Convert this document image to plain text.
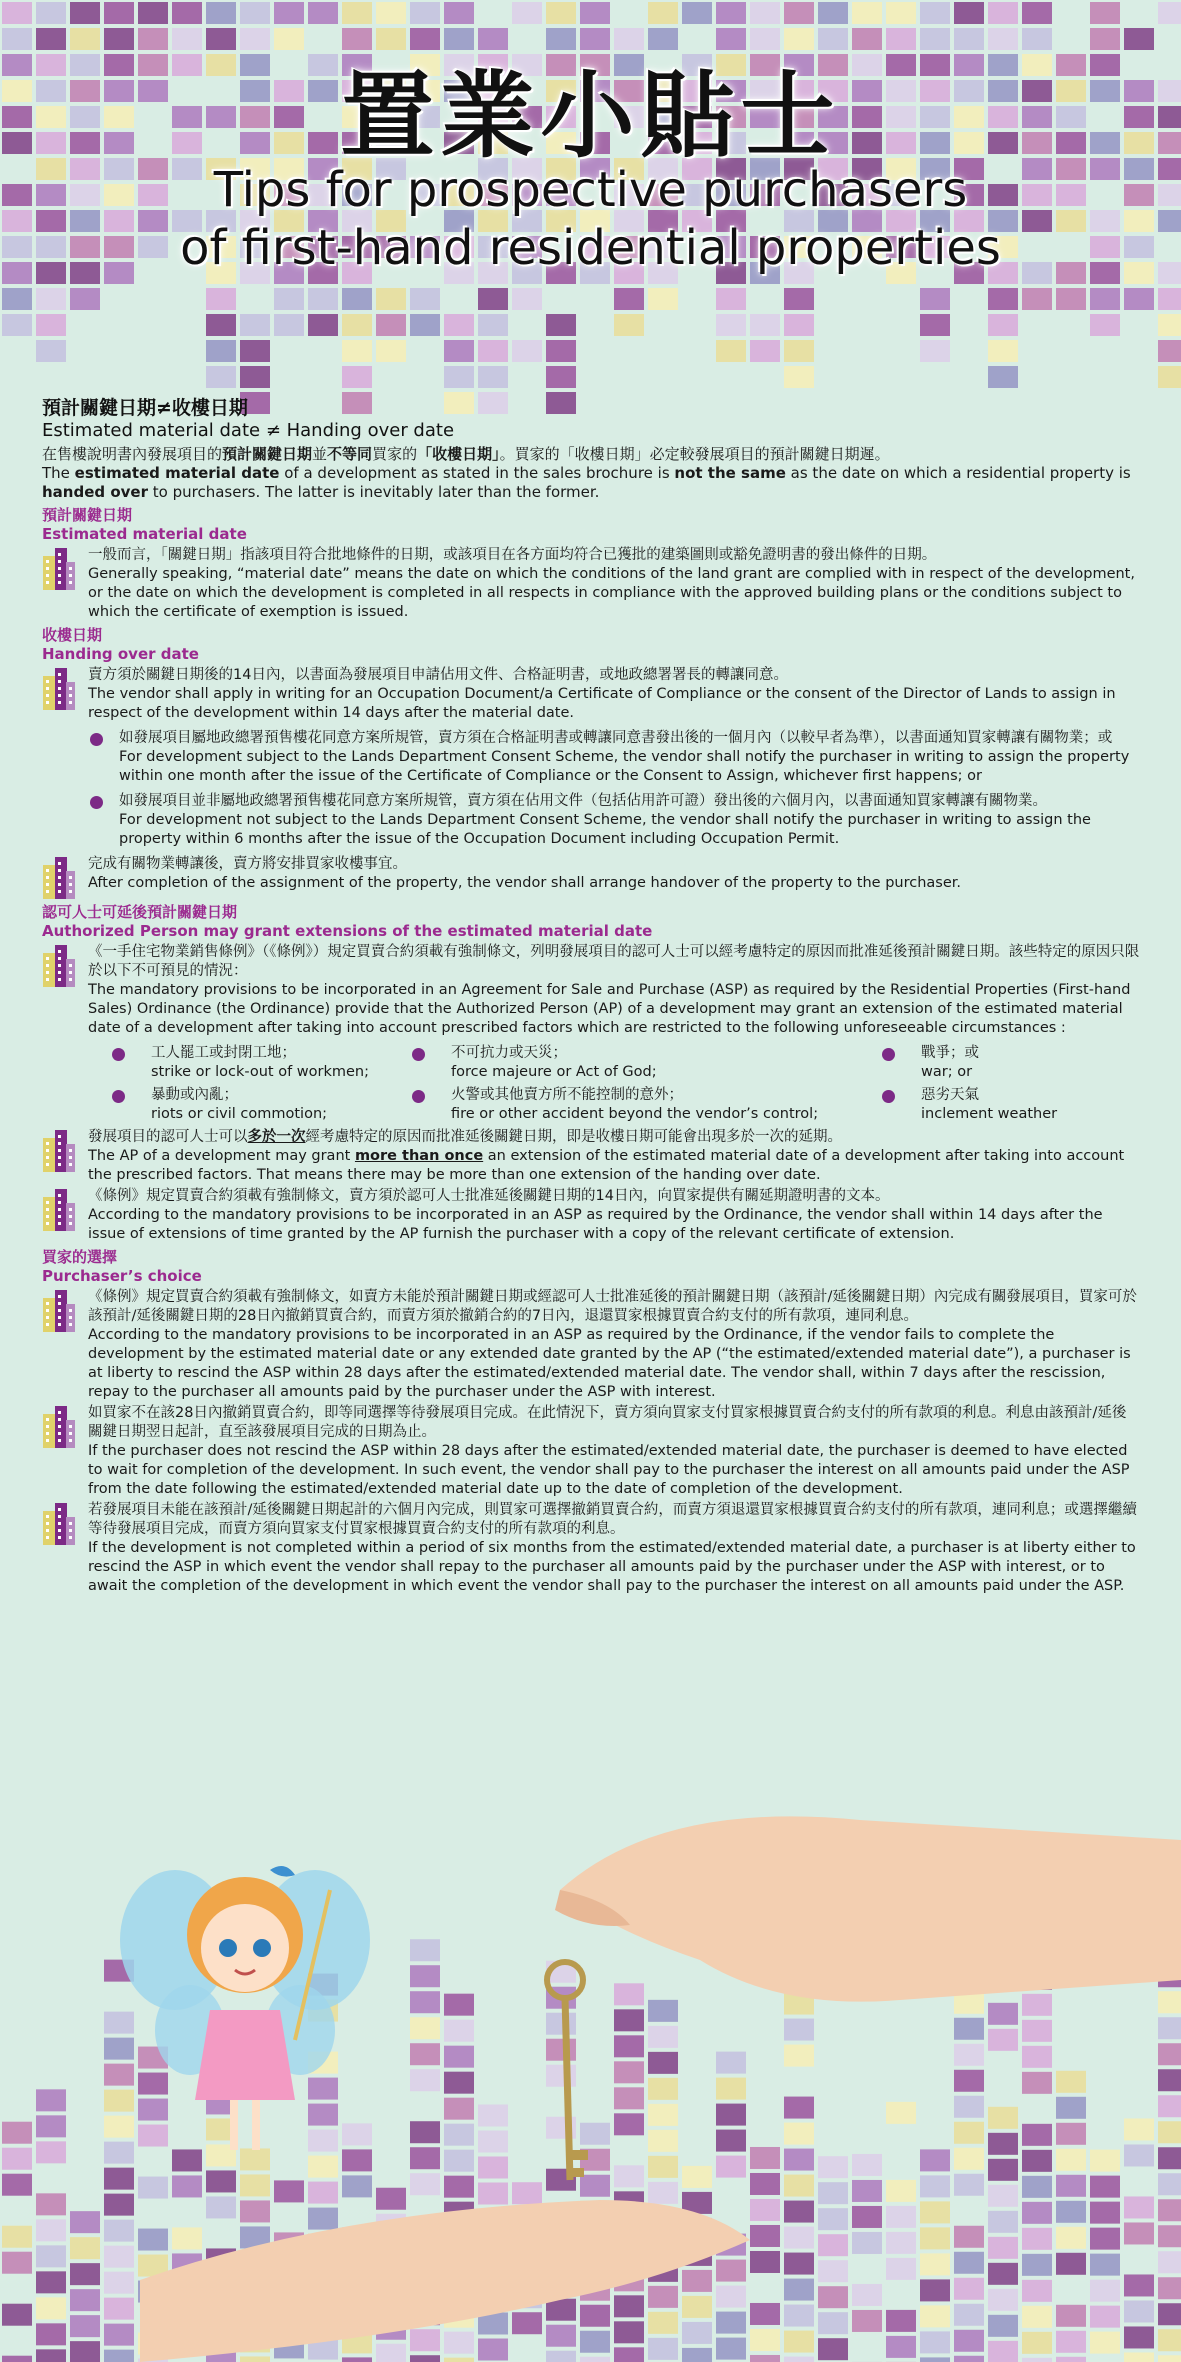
置業小貼士
Tips for prospective purchasers
of first-hand residential properties
預計關鍵日期≠收樓日期
Estimated material date ≠ Handing over date
在售樓說明書內發展項目的預計關鍵日期並不等同買家的「收樓日期」。買家的「收樓日期」必定較發展項目的預計關鍵日期遲。
The estimated material date of a development as stated in the sales brochure is not the same as the date on which a residential property is handed over to purchasers. The latter is inevitably later than the former.
預計關鍵日期
Estimated material date
一般而言，「關鍵日期」指該項目符合批地條件的日期，或該項目在各方面均符合已獲批的建築圖則或豁免證明書的發出條件的日期。
Generally speaking, “material date” means the date on which the conditions of the land grant are complied with in respect of the development, or the date on which the development is completed in all respects in compliance with the approved building plans or the conditions subject to which the certificate of exemption is issued.
收樓日期
Handing over date
賣方須於關鍵日期後的14日內，以書面為發展項目申請佔用文件、合格証明書，或地政總署署長的轉讓同意。
The vendor shall apply in writing for an Occupation Document/a Certificate of Compliance or the consent of the Director of Lands to assign in respect of the development within 14 days after the material date.
如發展項目屬地政總署預售樓花同意方案所規管，賣方須在合格証明書或轉讓同意書發出後的一個月內（以較早者為準），以書面通知買家轉讓有關物業；或
For development subject to the Lands Department Consent Scheme, the vendor shall notify the purchaser in writing to assign the property within one month after the issue of the Certificate of Compliance or the Consent to Assign, whichever first happens; or
如發展項目並非屬地政總署預售樓花同意方案所規管，賣方須在佔用文件（包括佔用許可證）發出後的六個月內，以書面通知買家轉讓有關物業。
For development not subject to the Lands Department Consent Scheme, the vendor shall notify the purchaser in writing to assign the property within 6 months after the issue of the Occupation Document including Occupation Permit.
完成有關物業轉讓後，賣方將安排買家收樓事宜。
After completion of the assignment of the property, the vendor shall arrange handover of the property to the purchaser.
認可人士可延後預計關鍵日期
Authorized Person may grant extensions of the estimated material date
《一手住宅物業銷售條例》（《條例》）規定買賣合約須載有強制條文，列明發展項目的認可人士可以經考慮特定的原因而批准延後預計關鍵日期。該些特定的原因只限於以下不可預見的情況：
The mandatory provisions to be incorporated in an Agreement for Sale and Purchase (ASP) as required by the Residential Properties (First-hand Sales) Ordinance (the Ordinance) provide that the Authorized Person (AP) of a development may grant an extension of the estimated material date of a development after taking into account prescribed factors which are restricted to the following unforeseeable circumstances :
工人罷工或封閉工地；
strike or lock-out of workmen;
不可抗力或天災；
force majeure or Act of God;
戰爭；或
war; or
暴動或內亂；
riots or civil commotion;
火警或其他賣方所不能控制的意外；
fire or other accident beyond the vendor’s control;
惡劣天氣
inclement weather
發展項目的認可人士可以多於一次經考慮特定的原因而批准延後關鍵日期，即是收樓日期可能會出現多於一次的延期。
The AP of a development may grant more than once an extension of the estimated material date of a development after taking into account the prescribed factors. That means there may be more than one extension of the handing over date.
《條例》規定買賣合約須載有強制條文，賣方須於認可人士批准延後關鍵日期的14日內，向買家提供有關延期證明書的文本。
According to the mandatory provisions to be incorporated in an ASP as required by the Ordinance, the vendor shall within 14 days after the issue of extensions of time granted by the AP furnish the purchaser with a copy of the relevant certificate of extension.
買家的選擇
Purchaser’s choice
《條例》規定買賣合約須載有強制條文，如賣方未能於預計關鍵日期或經認可人士批准延後的預計關鍵日期（該預計/延後關鍵日期）內完成有關發展項目，買家可於該預計/延後關鍵日期的28日內撤銷買賣合約，而賣方須於撤銷合約的7日內，退還買家根據買賣合約支付的所有款項，連同利息。
According to the mandatory provisions to be incorporated in an ASP as required by the Ordinance, if the vendor fails to complete the development by the estimated material date or any extended date granted by the AP (“the estimated/extended material date”), a purchaser is at liberty to rescind the ASP within 28 days after the estimated/extended material date. The vendor shall, within 7 days after the rescission, repay to the purchaser all amounts paid by the purchaser under the ASP with interest.
如買家不在該28日內撤銷買賣合約，即等同選擇等待發展項目完成。在此情況下，賣方須向買家支付買家根據買賣合約支付的所有款項的利息。利息由該預計/延後關鍵日期翌日起計，直至該發展項目完成的日期為止。
If the purchaser does not rescind the ASP within 28 days after the estimated/extended material date, the purchaser is deemed to have elected to wait for completion of the development. In such event, the vendor shall pay to the purchaser the interest on all amounts paid under the ASP from the date following the estimated/extended material date up to the date of completion of the development.
若發展項目未能在該預計/延後關鍵日期起計的六個月內完成，則買家可選擇撤銷買賣合約，而賣方須退還買家根據買賣合約支付的所有款項，連同利息；或選擇繼續等待發展項目完成，而賣方須向買家支付買家根據買賣合約支付的所有款項的利息。
If the development is not completed within a period of six months from the estimated/extended material date, a purchaser is at liberty either to rescind the ASP in which event the vendor shall repay to the purchaser all amounts paid by the purchaser under the ASP with interest, or to await the completion of the development in which event the vendor shall pay to the purchaser the interest on all amounts paid under the ASP.
